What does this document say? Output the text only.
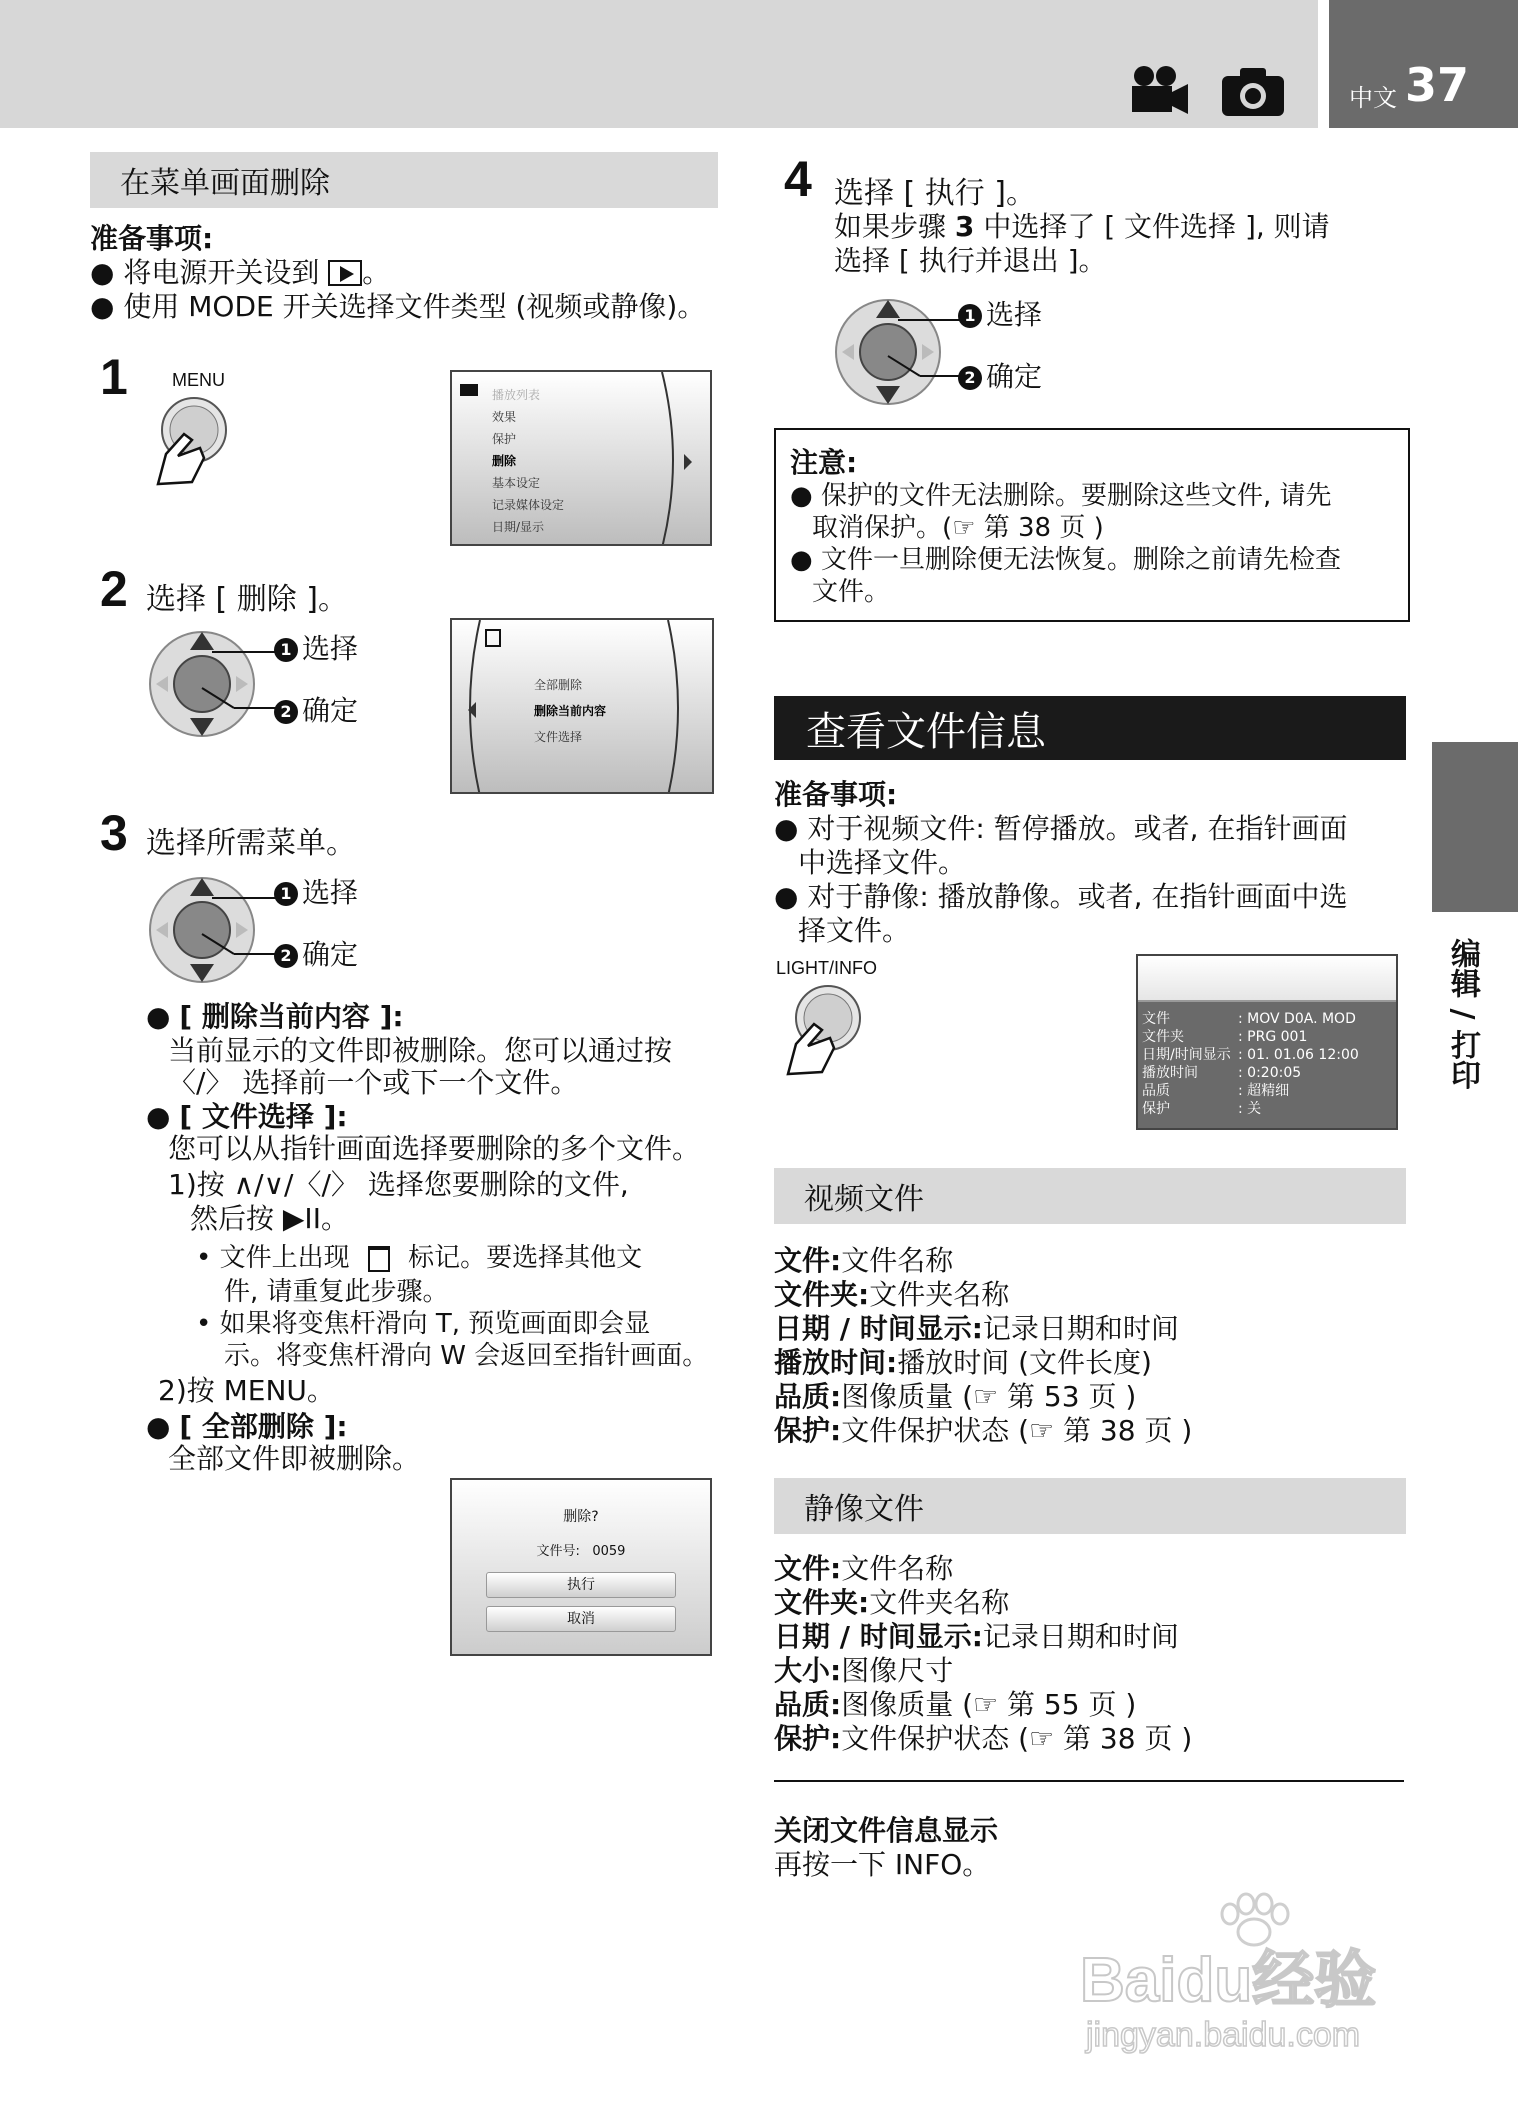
中文 37
在菜单画面删除
准备事项:
● 将电源开关设到 。
● 使用 MODE 开关选择文件类型 (视频或静像)。
1 MENU
播放列表
效果
保护
删除
基本设定
记录媒体设定
日期/显示
2 选择 [ 删除 ]。
1 选择
2 确定
全部删除
删除当前内容
文件选择
3 选择所需菜单。
1 选择
2 确定
● [ 删除当前内容 ]:
当前显示的文件即被删除。您可以通过按
〈/〉 选择前一个或下一个文件。
● [ 文件选择 ]:
您可以从指针画面选择要删除的多个文件。
1)按 ∧/∨/〈/〉 选择您要删除的文件,
然后按 ▶II。
• 文件上出现 标记。要选择其他文
件, 请重复此步骤。
• 如果将变焦杆滑向 T, 预览画面即会显
示。将变焦杆滑向 W 会返回至指针画面。
2)按 MENU。
● [ 全部删除 ]:
全部文件即被删除。
删除?
文件号: 0059
执行
取消
4 选择 [ 执行 ]。
如果步骤 3 中选择了 [ 文件选择 ], 则请
选择 [ 执行并退出 ]。
1 选择
2 确定
注意:
● 保护的文件无法删除。要删除这些文件, 请先
取消保护。(☞ 第 38 页 )
● 文件一旦删除便无法恢复。删除之前请先检查
文件。
查看文件信息
准备事项:
● 对于视频文件: 暂停播放。或者, 在指针画面
中选择文件。
● 对于静像: 播放静像。或者, 在指针画面中选
择文件。
LIGHT/INFO
文件	: MOV D0A. MOD
文件夹	: PRG 001
日期/时间显示 : 01. 01.06 12:00
播放时间	: 0:20:05
品质	: 超精细
保护	: 关
视频文件
文件:文件名称
文件夹:文件夹名称
日期 / 时间显示:记录日期和时间
播放时间:播放时间 (文件长度)
品质:图像质量 (☞ 第 53 页 )
保护:文件保护状态 (☞ 第 38 页 )
静像文件
文件:文件名称
文件夹:文件夹名称
日期 / 时间显示:记录日期和时间
大小:图像尺寸
品质:图像质量 (☞ 第 55 页 )
保护:文件保护状态 (☞ 第 38 页 )
关闭文件信息显示
再按一下 INFO。
编辑 / 打印
Baidu经验
jingyan.baidu.com
